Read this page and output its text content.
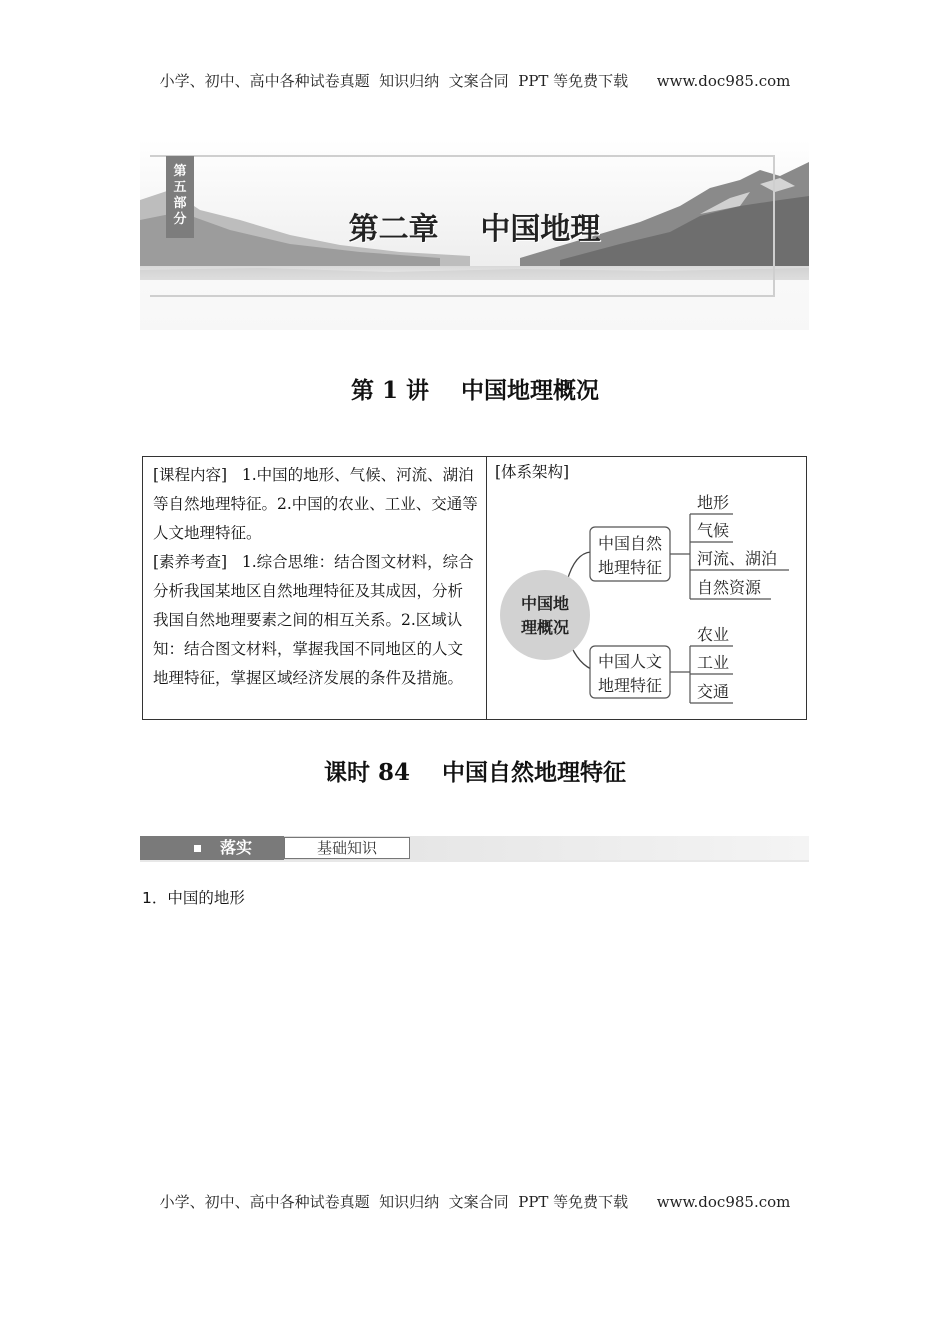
小学、初中、高中各种试卷真题  知识归纳  文案合同  PPT 等免费下载      www.doc985.com
第
五
部
分	第二章    中国地理
第 1 讲    中国地理概况

[课程内容] 1.中国的地形、气候、河流、湖泊等自然地理特征。2.中国的农业、工业、交通等人文地理特征。

[素养考查] 1.综合思维：结合图文材料，综合分析我国某地区自然地理特征及其成因，分析我国自然地理要素之间的相互关系。2.区域认知：结合图文材料，掌握我国不同地区的人文地理特征，掌握区域经济发展的条件及措施。

[体系架构]
中国地
理概况
中国自然
地理特征
中国人文
地理特征
地形
气候
河流、湖泊
自然资源
农业
工业
交通
课时 84    中国自然地理特征
落实	基础知识
1．中国的地形
小学、初中、高中各种试卷真题  知识归纳  文案合同  PPT 等免费下载      www.doc985.com
